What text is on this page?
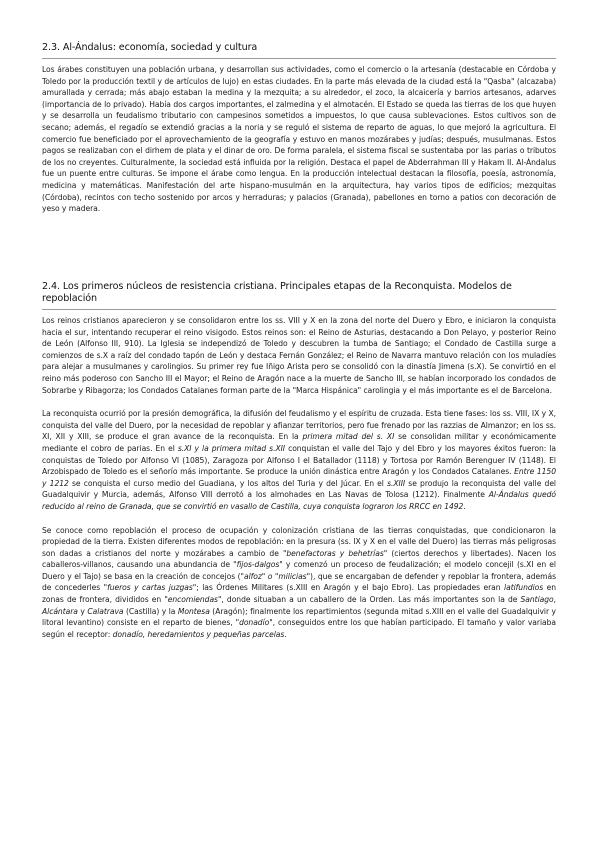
2.3. Al-Ándalus: economía, sociedad y cultura

Los árabes constituyen una población urbana, y desarrollan sus actividades, como el comercio o la artesanía (destacable en Córdoba y Toledo por la producción textil y de artículos de lujo) en estas ciudades. En la parte más elevada de la ciudad está la "Qasba" (alcazaba) amurallada y cerrada; más abajo estaban la medina y la mezquita; a su alrededor, el zoco, la alcaicería y barrios artesanos, adarves (importancia de lo privado). Había dos cargos importantes, el zalmedina y el almotacén. El Estado se queda las tierras de los que huyen y se desarrolla un feudalismo tributario con campesinos sometidos a impuestos, lo que causa sublevaciones. Estos cultivos son de secano; además, el regadío se extendió gracias a la noria y se reguló el sistema de reparto de aguas, lo que mejoró la agricultura. El comercio fue beneficiado por el aprovechamiento de la geografía y estuvo en manos mozárabes y judías; después, musulmanas. Estos pagos se realizaban con el dirhem de plata y el dinar de oro. De forma paralela, el sistema fiscal se sustentaba por las parias o tributos de los no creyentes. Culturalmente, la sociedad está influida por la religión. Destaca el papel de Abderrahman III y Hakam II. Al-Ándalus fue un puente entre culturas. Se impone el árabe como lengua. En la producción intelectual destacan la filosofía, poesía, astronomía, medicina y matemáticas. Manifestación del arte hispano-musulmán en la arquitectura, hay varios tipos de edificios; mezquitas (Córdoba), recintos con techo sostenido por arcos y herraduras; y palacios (Granada), pabellones en torno a patios con decoración de yeso y madera.

2.4. Los primeros núcleos de resistencia cristiana. Principales etapas de la Reconquista. Modelos de repoblación

Los reinos cristianos aparecieron y se consolidaron entre los ss. VIII y X en la zona del norte del Duero y Ebro, e iniciaron la conquista hacia el sur, intentando recuperar el reino visigodo. Estos reinos son: el Reino de Asturias, destacando a Don Pelayo, y posterior Reino de León (Alfonso III, 910). La Iglesia se independizó de Toledo y descubren la tumba de Santiago; el Condado de Castilla surge a comienzos de s.X a raíz del condado tapón de León y destaca Fernán González; el Reino de Navarra mantuvo relación con los muladíes para alejar a musulmanes y carolingios. Su primer rey fue Iñigo Arista pero se consolidó con la dinastía Jimena (s.X). Se convirtió en el reino más poderoso con Sancho III el Mayor; el Reino de Aragón nace a la muerte de Sancho III, se habían incorporado los condados de Sobrarbe y Ribagorza; los Condados Catalanes forman parte de la "Marca Hispánica" carolingia y el más importante es el de Barcelona.

La reconquista ocurrió por la presión demográfica, la difusión del feudalismo y el espíritu de cruzada. Esta tiene fases: los ss. VIII, IX y X, conquista del valle del Duero, por la necesidad de repoblar y afianzar territorios, pero fue frenado por las razzias de Almanzor; en los ss. XI, XII y XIII, se produce el gran avance de la reconquista. En la primera mitad del s. XI se consolidan militar y económicamente mediante el cobro de parias. En el s.XI y la primera mitad s.XII conquistan el valle del Tajo y del Ebro y los mayores éxitos fueron: la conquistas de Toledo por Alfonso VI (1085), Zaragoza por Alfonso I el Batallador (1118) y Tortosa por Ramón Berenguer IV (1148). El Arzobispado de Toledo es el señorío más importante. Se produce la unión dinástica entre Aragón y los Condados Catalanes. Entre 1150 y 1212 se conquista el curso medio del Guadiana, y los altos del Turia y del Júcar. En el s.XIII se produjo la reconquista del valle del Guadalquivir y Murcia, además, Alfonso VIII derrotó a los almohades en Las Navas de Tolosa (1212). Finalmente Al-Ándalus quedó reducido al reino de Granada, que se convirtió en vasallo de Castilla, cuya conquista lograron los RRCC en 1492.

Se conoce como repoblación el proceso de ocupación y colonización cristiana de las tierras conquistadas, que condicionaron la propiedad de la tierra. Existen diferentes modos de repoblación: en la presura (ss. IX y X en el valle del Duero) las tierras más peligrosas son dadas a cristianos del norte y mozárabes a cambio de "benefactoras y behetrías" (ciertos derechos y libertades). Nacen los caballeros-villanos, causando una abundancia de "fijos-dalgos" y comenzó un proceso de feudalización; el modelo concejil (s.XI en el Duero y el Tajo) se basa en la creación de concejos ("alfoz" o "milicias"), que se encargaban de defender y repoblar la frontera, además de concederles "fueros y cartas juzgas"; las Órdenes Militares (s.XIII en Aragón y el bajo Ebro). Las propiedades eran latifundios en zonas de frontera, divididos en "encomiendas", donde situaban a un caballero de la Orden. Las más importantes son la de Santiago, Alcántara y Calatrava (Castilla) y la Montesa (Aragón); finalmente los repartimientos (segunda mitad s.XIII en el valle del Guadalquivir y litoral levantino) consiste en el reparto de bienes, "donadío", conseguidos entre los que habían participado. El tamaño y valor variaba según el receptor: donadío, heredamientos y pequeñas parcelas.
